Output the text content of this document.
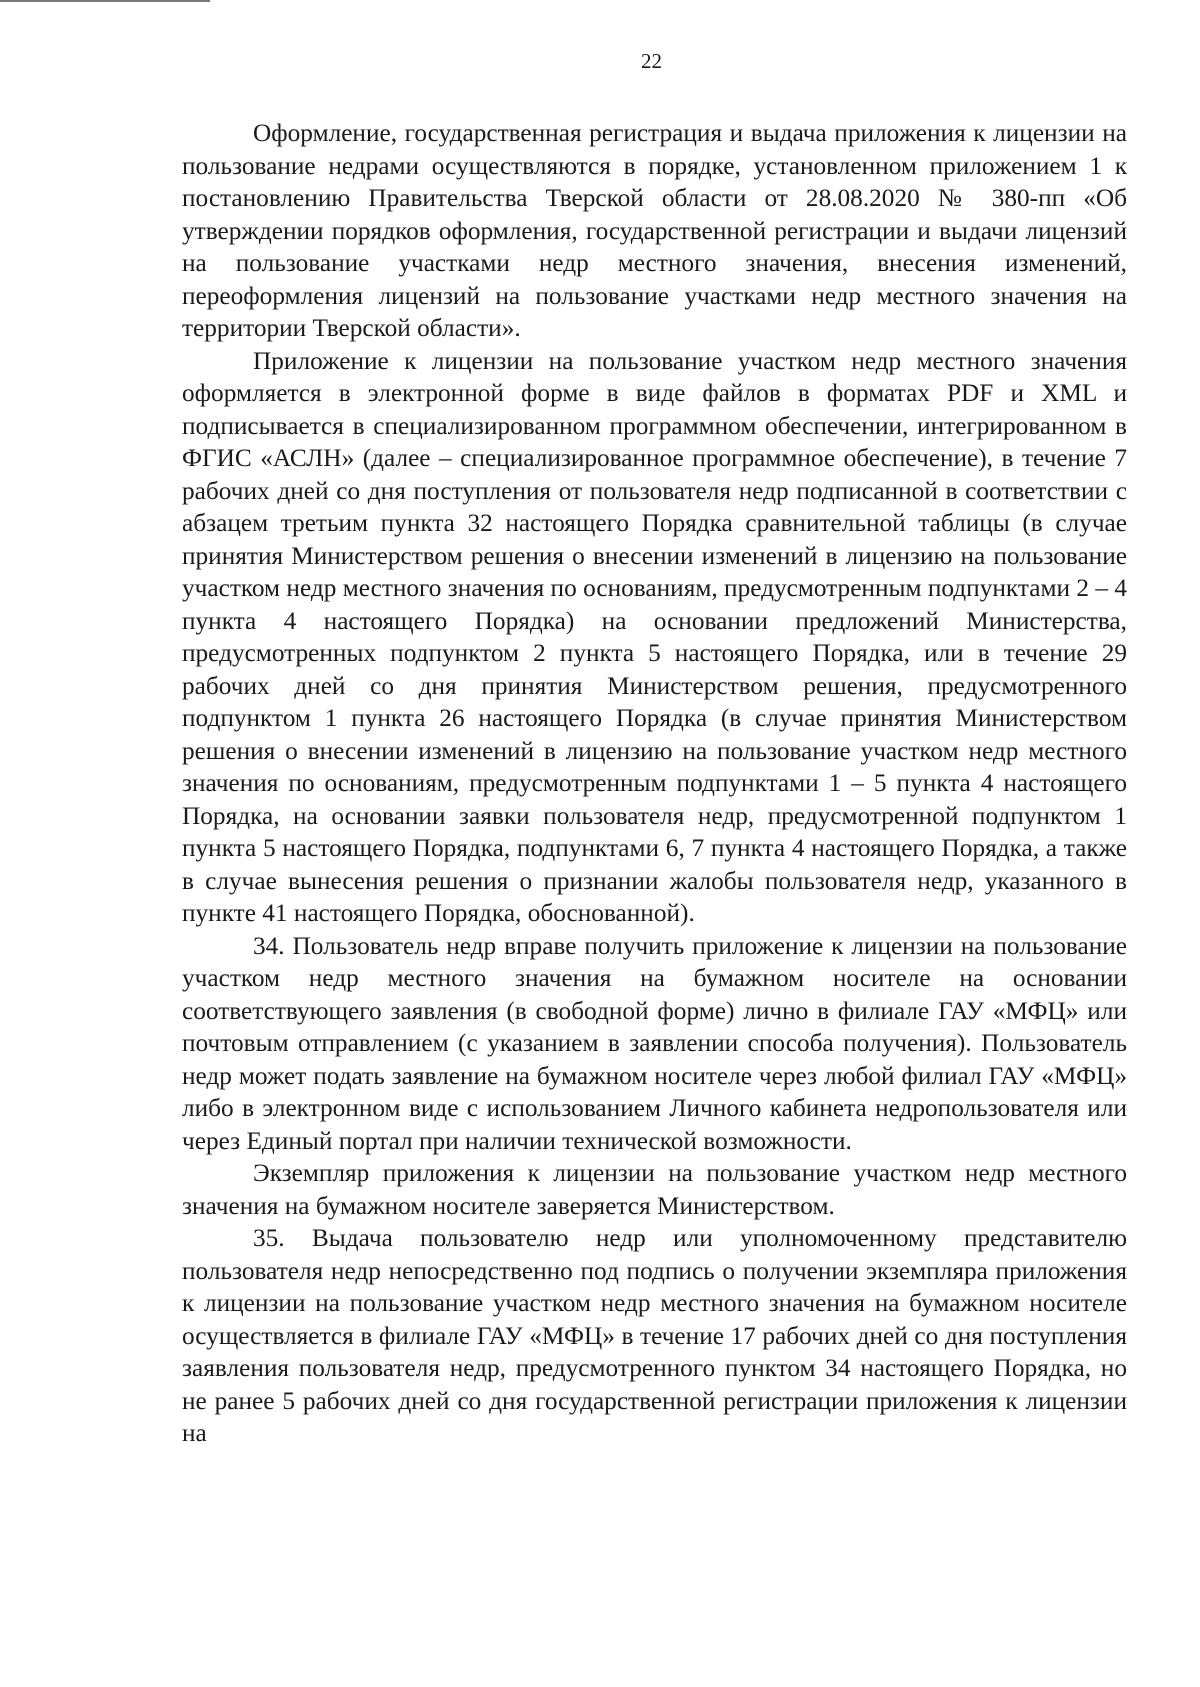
22

Оформление, государственная регистрация и выдача приложения к лицензии на пользование недрами осуществляются в порядке, установленном приложением 1 к постановлению Правительства Тверской области от 28.08.2020 № 380-пп «Об утверждении порядков оформления, государственной регистрации и выдачи лицензий на пользование участками недр местного значения, внесения изменений, переоформления лицензий на пользование участками недр местного значения на территории Тверской области».

Приложение к лицензии на пользование участком недр местного значения оформляется в электронной форме в виде файлов в форматах PDF и XML и подписывается в специализированном программном обеспечении, интегрированном в ФГИС «АСЛН» (далее – специализированное программное обеспечение), в течение 7 рабочих дней со дня поступления от пользователя недр подписанной в соответствии с абзацем третьим пункта 32 настоящего Порядка сравнительной таблицы (в случае принятия Министерством решения о внесении изменений в лицензию на пользование участком недр местного значения по основаниям, предусмотренным подпунктами 2 – 4 пункта 4 настоящего Порядка) на основании предложений Министерства, предусмотренных подпунктом 2 пункта 5 настоящего Порядка, или в течение 29 рабочих дней со дня принятия Министерством решения, предусмотренного подпунктом 1 пункта 26 настоящего Порядка (в случае принятия Министерством решения о внесении изменений в лицензию на пользование участком недр местного значения по основаниям, предусмотренным подпунктами 1 – 5 пункта 4 настоящего Порядка, на основании заявки пользователя недр, предусмотренной подпунктом 1 пункта 5 настоящего Порядка, подпунктами 6, 7 пункта 4 настоящего Порядка, а также в случае вынесения решения о признании жалобы пользователя недр, указанного в пункте 41 настоящего Порядка, обоснованной).

34. Пользователь недр вправе получить приложение к лицензии на пользование участком недр местного значения на бумажном носителе на основании соответствующего заявления (в свободной форме) лично в филиале ГАУ «МФЦ» или почтовым отправлением (с указанием в заявлении способа получения). Пользователь недр может подать заявление на бумажном носителе через любой филиал ГАУ «МФЦ» либо в электронном виде с использованием Личного кабинета недропользователя или через Единый портал при наличии технической возможности.

Экземпляр приложения к лицензии на пользование участком недр местного значения на бумажном носителе заверяется Министерством.

35. Выдача пользователю недр или уполномоченному представителю пользователя недр непосредственно под подпись о получении экземпляра приложения к лицензии на пользование участком недр местного значения на бумажном носителе осуществляется в филиале ГАУ «МФЦ» в течение 17 рабочих дней со дня поступления заявления пользователя недр, предусмотренного пунктом 34 настоящего Порядка, но не ранее 5 рабочих дней со дня государственной регистрации приложения к лицензии на
